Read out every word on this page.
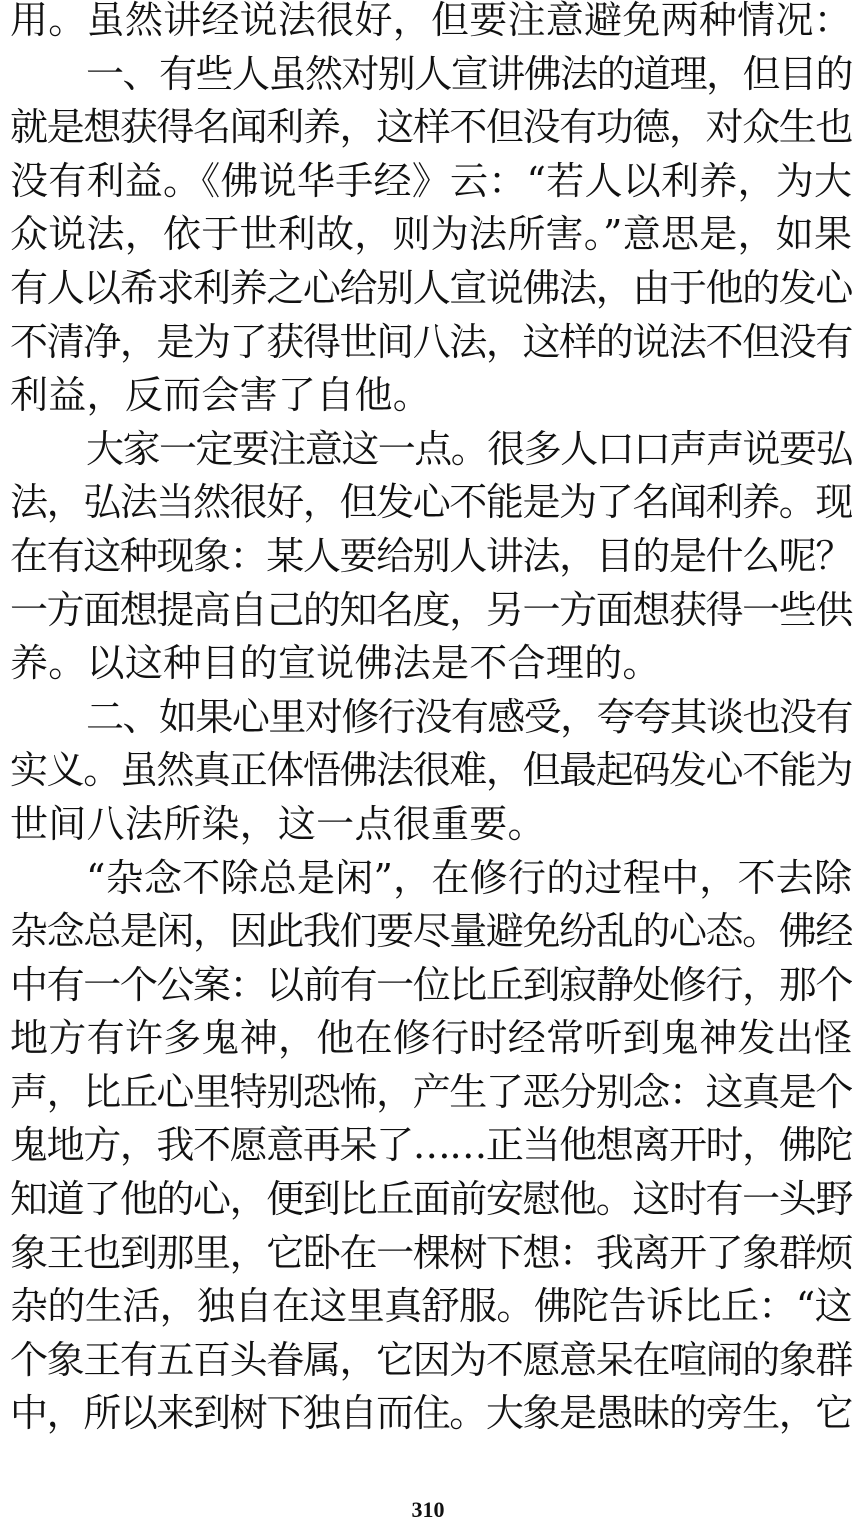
用。虽然讲经说法很好，但要注意避免两种情况：
一、有些人虽然对别人宣讲佛法的道理，但目的
就是想获得名闻利养，这样不但没有功德，对众生也
没有利益。《佛说华手经》云：“若人以利养，为大
众说法，依于世利故，则为法所害。”意思是，如果
有人以希求利养之心给别人宣说佛法，由于他的发心
不清净，是为了获得世间八法，这样的说法不但没有
利益，反而会害了自他。
大家一定要注意这一点。很多人口口声声说要弘
法，弘法当然很好，但发心不能是为了名闻利养。现
在有这种现象：某人要给别人讲法，目的是什么呢？
一方面想提高自己的知名度，另一方面想获得一些供
养。以这种目的宣说佛法是不合理的。
二、如果心里对修行没有感受，夸夸其谈也没有
实义。虽然真正体悟佛法很难，但最起码发心不能为
世间八法所染，这一点很重要。
“杂念不除总是闲”，在修行的过程中，不去除
杂念总是闲，因此我们要尽量避免纷乱的心态。佛经
中有一个公案：以前有一位比丘到寂静处修行，那个
地方有许多鬼神，他在修行时经常听到鬼神发出怪
声，比丘心里特别恐怖，产生了恶分别念：这真是个
鬼地方，我不愿意再呆了……正当他想离开时，佛陀
知道了他的心，便到比丘面前安慰他。这时有一头野
象王也到那里，它卧在一棵树下想：我离开了象群烦
杂的生活，独自在这里真舒服。佛陀告诉比丘：“这
个象王有五百头眷属，它因为不愿意呆在喧闹的象群
中，所以来到树下独自而住。大象是愚昧的旁生，它
310
